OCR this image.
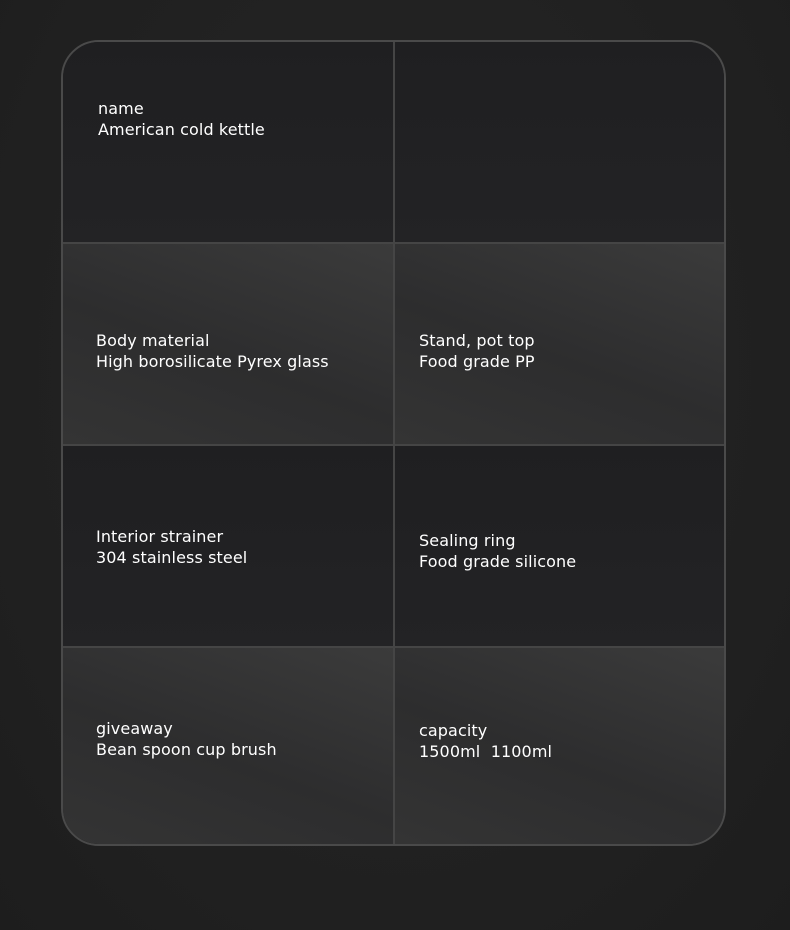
name
American cold kettle
Body material
High borosilicate Pyrex glass
Stand, pot top
Food grade PP
Interior strainer
304 stainless steel
Sealing ring
Food grade silicone
giveaway
Bean spoon cup brush
capacity
1500ml  1100ml
